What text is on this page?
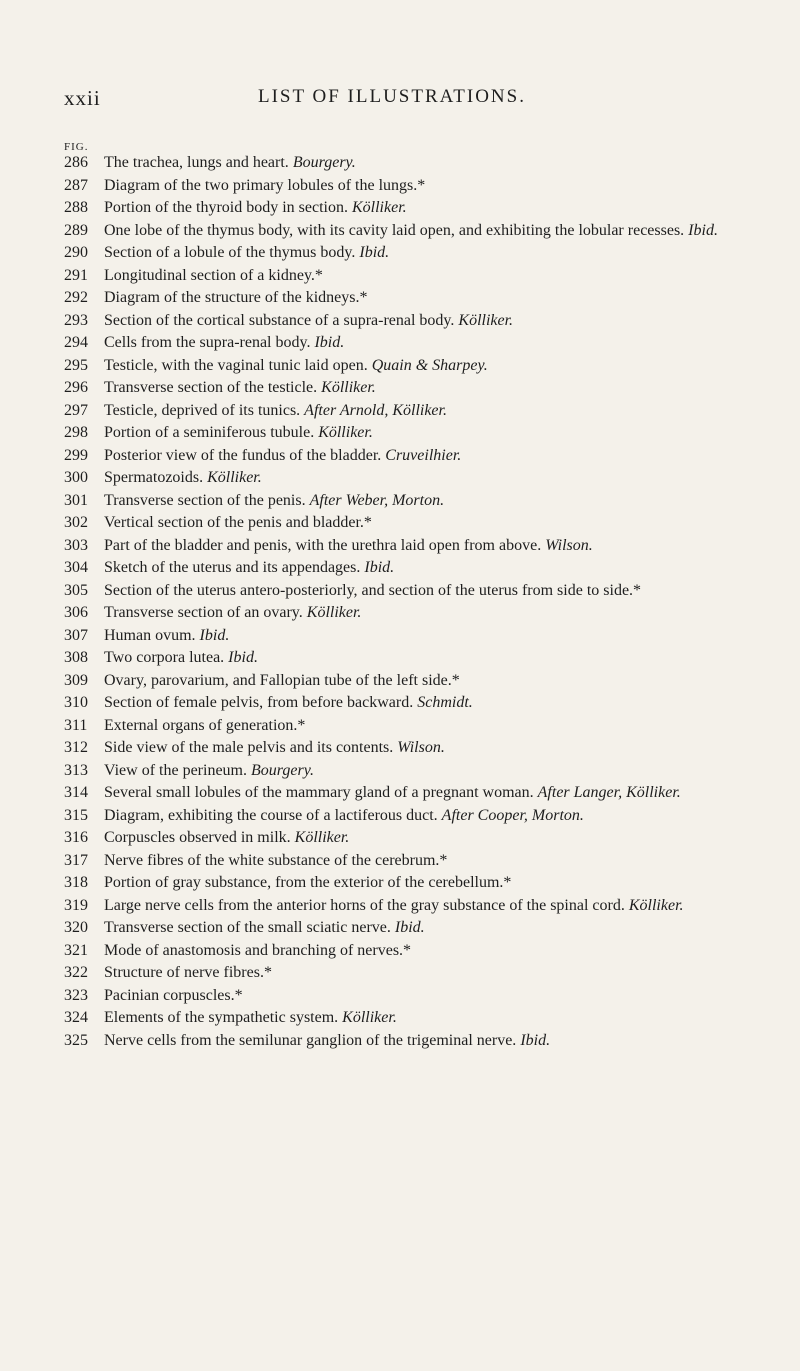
xxii	LIST OF ILLUSTRATIONS.
FIG.
286 The trachea, lungs and heart. Bourgery.
287 Diagram of the two primary lobules of the lungs.*
288 Portion of the thyroid body in section. Kölliker.
289 One lobe of the thymus body, with its cavity laid open, and exhibiting the lobular recesses. Ibid.
290 Section of a lobule of the thymus body. Ibid.
291 Longitudinal section of a kidney.*
292 Diagram of the structure of the kidneys.*
293 Section of the cortical substance of a supra-renal body. Kölliker.
294 Cells from the supra-renal body. Ibid.
295 Testicle, with the vaginal tunic laid open. Quain & Sharpey.
296 Transverse section of the testicle. Kölliker.
297 Testicle, deprived of its tunics. After Arnold, Kölliker.
298 Portion of a seminiferous tubule. Kölliker.
299 Posterior view of the fundus of the bladder. Cruveilhier.
300 Spermatozoids. Kölliker.
301 Transverse section of the penis. After Weber, Morton.
302 Vertical section of the penis and bladder.*
303 Part of the bladder and penis, with the urethra laid open from above. Wilson.
304 Sketch of the uterus and its appendages. Ibid.
305 Section of the uterus antero-posteriorly, and section of the uterus from side to side.*
306 Transverse section of an ovary. Kölliker.
307 Human ovum. Ibid.
308 Two corpora lutea. Ibid.
309 Ovary, parovarium, and Fallopian tube of the left side.*
310 Section of female pelvis, from before backward. Schmidt.
311 External organs of generation.*
312 Side view of the male pelvis and its contents. Wilson.
313 View of the perineum. Bourgery.
314 Several small lobules of the mammary gland of a pregnant woman. After Langer, Kölliker.
315 Diagram, exhibiting the course of a lactiferous duct. After Cooper, Morton.
316 Corpuscles observed in milk. Kölliker.
317 Nerve fibres of the white substance of the cerebrum.*
318 Portion of gray substance, from the exterior of the cerebellum.*
319 Large nerve cells from the anterior horns of the gray substance of the spinal cord. Kölliker.
320 Transverse section of the small sciatic nerve. Ibid.
321 Mode of anastomosis and branching of nerves.*
322 Structure of nerve fibres.*
323 Pacinian corpuscles.*
324 Elements of the sympathetic system. Kölliker.
325 Nerve cells from the semilunar ganglion of the trigeminal nerve. Ibid.
